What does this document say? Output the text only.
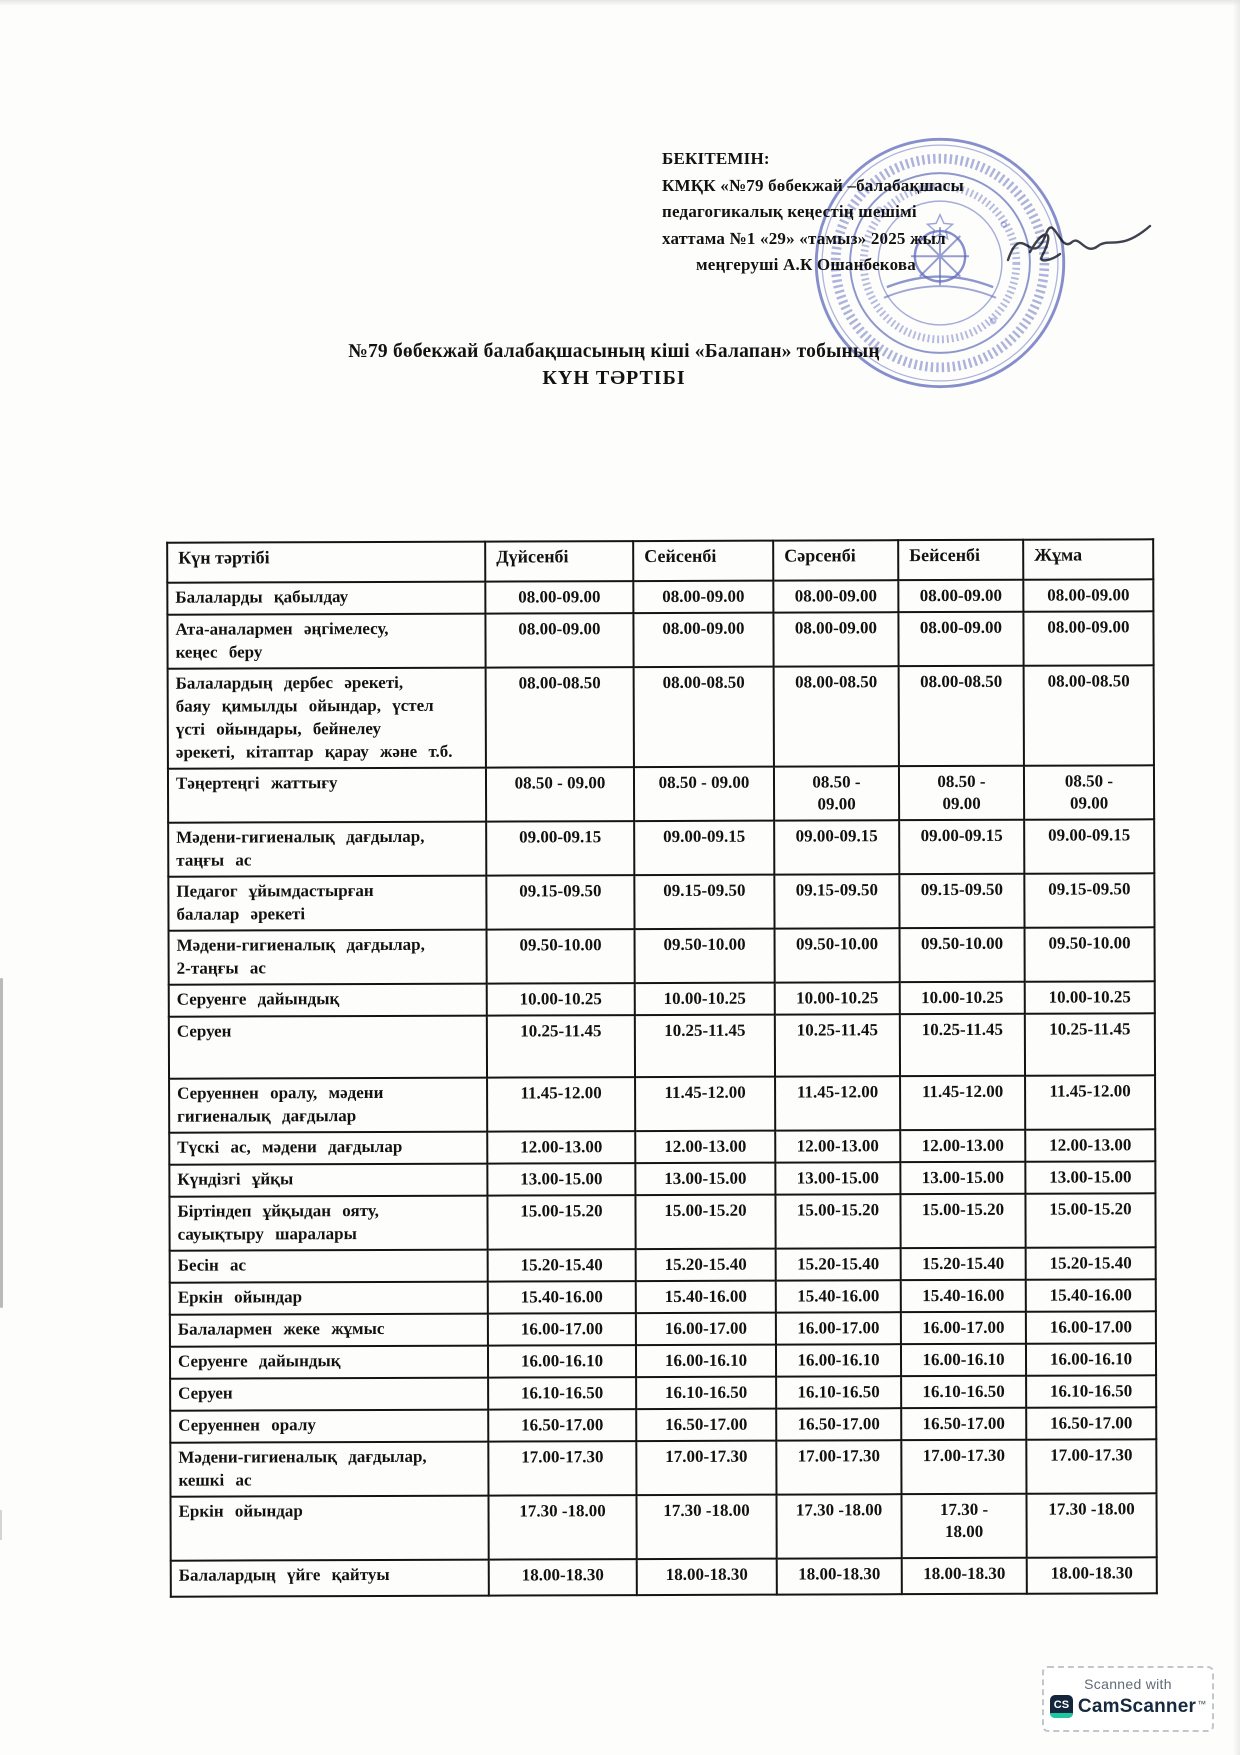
БЕКІТЕМІН:
КМҚК «№79 бөбекжай –балабақшасы
педагогикалық кеңестің шешімі
хаттама №1 «29» «тамыз» 2025 жыл
меңгеруші А.К Ошанбекова
№79 бөбекжай балабақшасының кіші «Балапан» тобының
КҮН ТӘРТІБІ
Күн тәртібі	Дүйсенбі	Сейсенбі	Сәрсенбі	Бейсенбі	Жұма
Балаларды қабылдау	08.00-09.00	08.00-09.00	08.00-09.00	08.00-09.00	08.00-09.00
Ата-аналармен әңгімелесу,
кеңес беру	08.00-09.00	08.00-09.00	08.00-09.00	08.00-09.00	08.00-09.00
Балалардың дербес әрекеті,
баяу қимылды ойындар, үстел
үсті ойындары, бейнелеу
әрекеті, кітаптар қарау және т.б.	08.00-08.50	08.00-08.50	08.00-08.50	08.00-08.50	08.00-08.50
Тәңертеңгі жаттығу	08.50 - 09.00	08.50 - 09.00	08.50 -
09.00	08.50 -
09.00	08.50 -
09.00
Мәдени-гигиеналық дағдылар,
таңғы ас	09.00-09.15	09.00-09.15	09.00-09.15	09.00-09.15	09.00-09.15
Педагог ұйымдастырған
балалар әрекеті	09.15-09.50	09.15-09.50	09.15-09.50	09.15-09.50	09.15-09.50
Мәдени-гигиеналық дағдылар,
2-таңғы ас	09.50-10.00	09.50-10.00	09.50-10.00	09.50-10.00	09.50-10.00
Серуенге дайындық	10.00-10.25	10.00-10.25	10.00-10.25	10.00-10.25	10.00-10.25
Серуен	10.25-11.45	10.25-11.45	10.25-11.45	10.25-11.45	10.25-11.45
Серуеннен оралу, мәдени
гигиеналық дағдылар	11.45-12.00	11.45-12.00	11.45-12.00	11.45-12.00	11.45-12.00
Түскі ас, мәдени дағдылар	12.00-13.00	12.00-13.00	12.00-13.00	12.00-13.00	12.00-13.00
Күндізгі ұйқы	13.00-15.00	13.00-15.00	13.00-15.00	13.00-15.00	13.00-15.00
Біртіндеп ұйқыдан ояту,
сауықтыру шаралары	15.00-15.20	15.00-15.20	15.00-15.20	15.00-15.20	15.00-15.20
Бесін ас	15.20-15.40	15.20-15.40	15.20-15.40	15.20-15.40	15.20-15.40
Еркін ойындар	15.40-16.00	15.40-16.00	15.40-16.00	15.40-16.00	15.40-16.00
Балалармен жеке жұмыс	16.00-17.00	16.00-17.00	16.00-17.00	16.00-17.00	16.00-17.00
Серуенге дайындық	16.00-16.10	16.00-16.10	16.00-16.10	16.00-16.10	16.00-16.10
Серуен	16.10-16.50	16.10-16.50	16.10-16.50	16.10-16.50	16.10-16.50
Серуеннен оралу	16.50-17.00	16.50-17.00	16.50-17.00	16.50-17.00	16.50-17.00
Мәдени-гигиеналық дағдылар,
кешкі ас	17.00-17.30	17.00-17.30	17.00-17.30	17.00-17.30	17.00-17.30
Еркін ойындар	17.30 -18.00	17.30 -18.00	17.30 -18.00	17.30 -
18.00	17.30 -18.00
Балалардың үйге қайтуы	18.00-18.30	18.00-18.30	18.00-18.30	18.00-18.30	18.00-18.30
Scanned with
CS CamScanner ™
